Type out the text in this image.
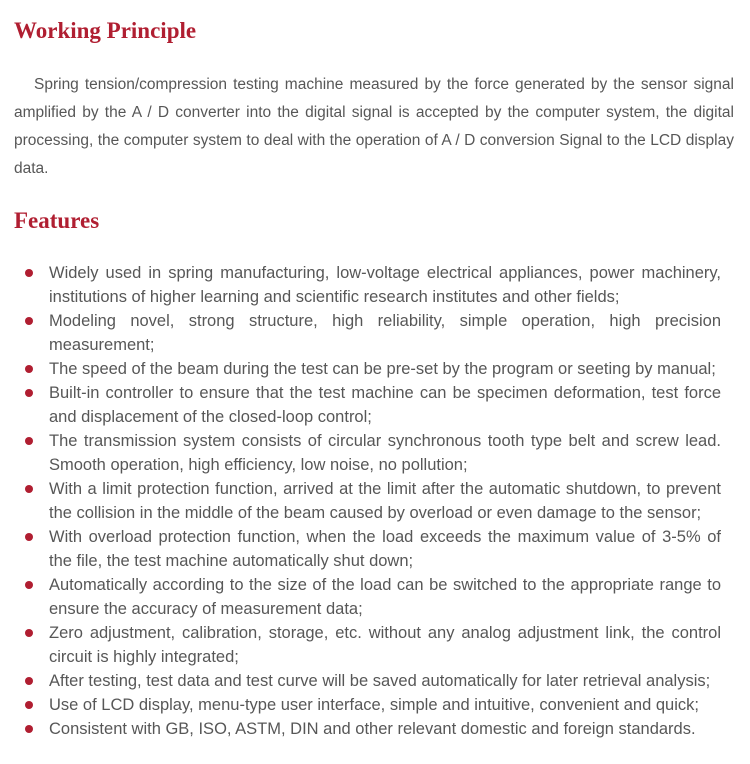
Working Principle

Spring tension/compression testing machine measured by the force generated by the sensor signal amplified by the A / D converter into the digital signal is accepted by the computer system, the digital processing, the computer system to deal with the operation of A / D conversion Signal to the LCD display data.

Features
Widely used in spring manufacturing, low-voltage electrical appliances, power machinery, institutions of higher learning and scientific research institutes and other fields;
Modeling novel, strong structure, high reliability, simple operation, high precision measurement;
The speed of the beam during the test can be pre-set by the program or seeting by manual;
Built-in controller to ensure that the test machine can be specimen deformation, test force and displacement of the closed-loop control;
The transmission system consists of circular synchronous tooth type belt and screw lead. Smooth operation, high efficiency, low noise, no pollution;
With a limit protection function, arrived at the limit after the automatic shutdown, to prevent the collision in the middle of the beam caused by overload or even damage to the sensor;
With overload protection function, when the load exceeds the maximum value of 3-5% of the file, the test machine automatically shut down;
Automatically according to the size of the load can be switched to the appropriate range to ensure the accuracy of measurement data;
Zero adjustment, calibration, storage, etc. without any analog adjustment link, the control circuit is highly integrated;
After testing, test data and test curve will be saved automatically for later retrieval analysis;
Use of LCD display, menu-type user interface, simple and intuitive, convenient and quick;
Consistent with GB, ISO, ASTM, DIN and other relevant domestic and foreign standards.
